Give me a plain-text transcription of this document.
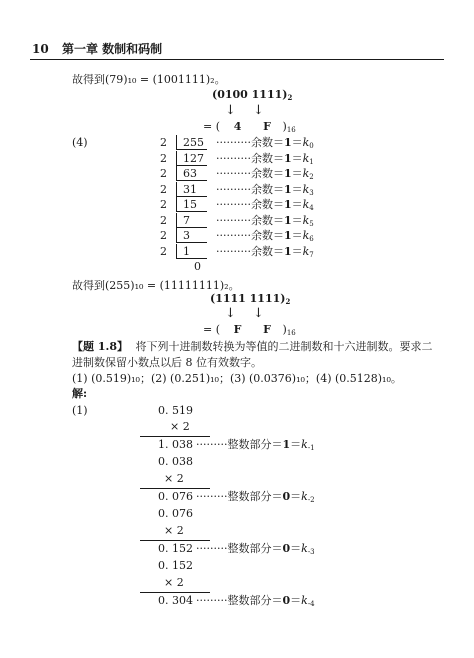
10 第一章 数制和码制
故得到(79)₁₀ = (1001111)₂。
(0100 $1111)_2$
↓ ↓
= ( 4 F )$_{16}$
(4)	2 255 ··········余数$=1=k_0$
2 127 ··········余数$=1=k_1$
2 63 ··········余数$=1=k_2$
2 31 ··········余数$=1=k_3$
2 15 ··········余数$=1=k_4$
2 7 ··········余数$=1=k_5$
2 3 ··········余数$=1=k_6$
2 1 ··········余数$=1=k_7$
0
故得到(255)₁₀ = (11111111)₂。
(1111 $1111)_2$
↓ ↓
= ( F F )$_{16}$
【题 1.8】 将下列十进制数转换为等值的二进制数和十六进制数。要求二
进制数保留小数点以后 8 位有效数字。
(1) (0.519)₁₀；(2) (0.251)₁₀；(3) (0.0376)₁₀；(4) (0.5128)₁₀。
解:
(1)	0. 519
× 2
1. 038 ·········整数部分$=1=k_{-1}$
0. 038
× 2
0. 076 ·········整数部分$=0=k_{-2}$
0. 076
× 2
0. 152 ·········整数部分$=0=k_{-3}$
0. 152
× 2
0. 304 ·········整数部分$=0=k_{-4}$
